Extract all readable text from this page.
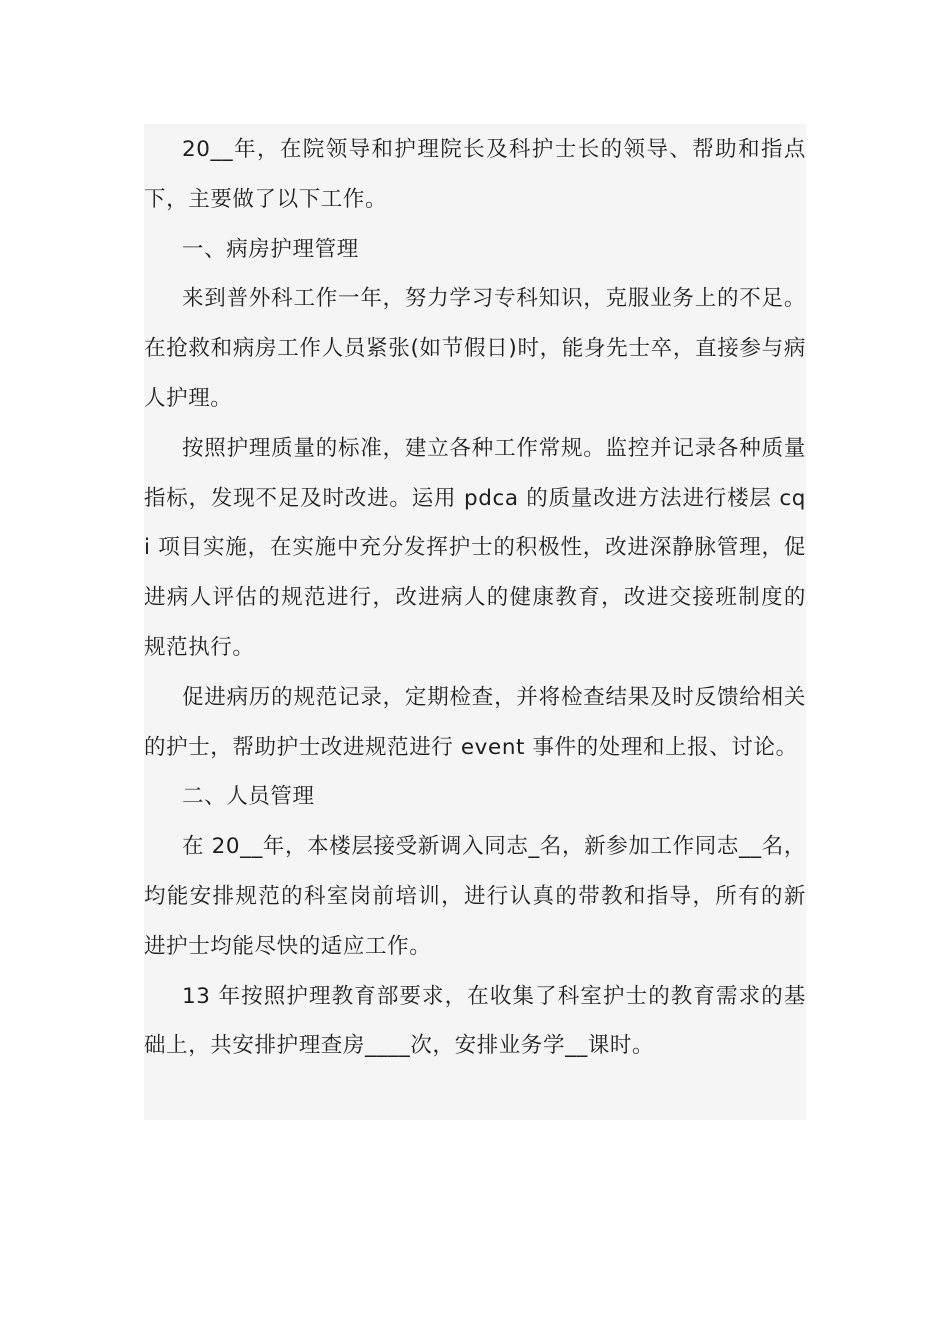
20__年，在院领导和护理院长及科护士长的领导、帮助和指点下，主要做了以下工作。

一、病房护理管理

来到普外科工作一年，努力学习专科知识，克服业务上的不足。在抢救和病房工作人员紧张(如节假日)时，能身先士卒，直接参与病人护理。

按照护理质量的标准，建立各种工作常规。监控并记录各种质量指标，发现不足及时改进。运用 pdca 的质量改进方法进行楼层 cqi 项目实施，在实施中充分发挥护士的积极性，改进深静脉管理，促进病人评估的规范进行，改进病人的健康教育，改进交接班制度的规范执行。

促进病历的规范记录，定期检查，并将检查结果及时反馈给相关的护士，帮助护士改进规范进行 event 事件的处理和上报、讨论。

二、人员管理

在 20__年，本楼层接受新调入同志_名，新参加工作同志__名，均能安排规范的科室岗前培训，进行认真的带教和指导，所有的新进护士均能尽快的适应工作。

13 年按照护理教育部要求，在收集了科室护士的教育需求的基础上，共安排护理查房____次，安排业务学__课时。
